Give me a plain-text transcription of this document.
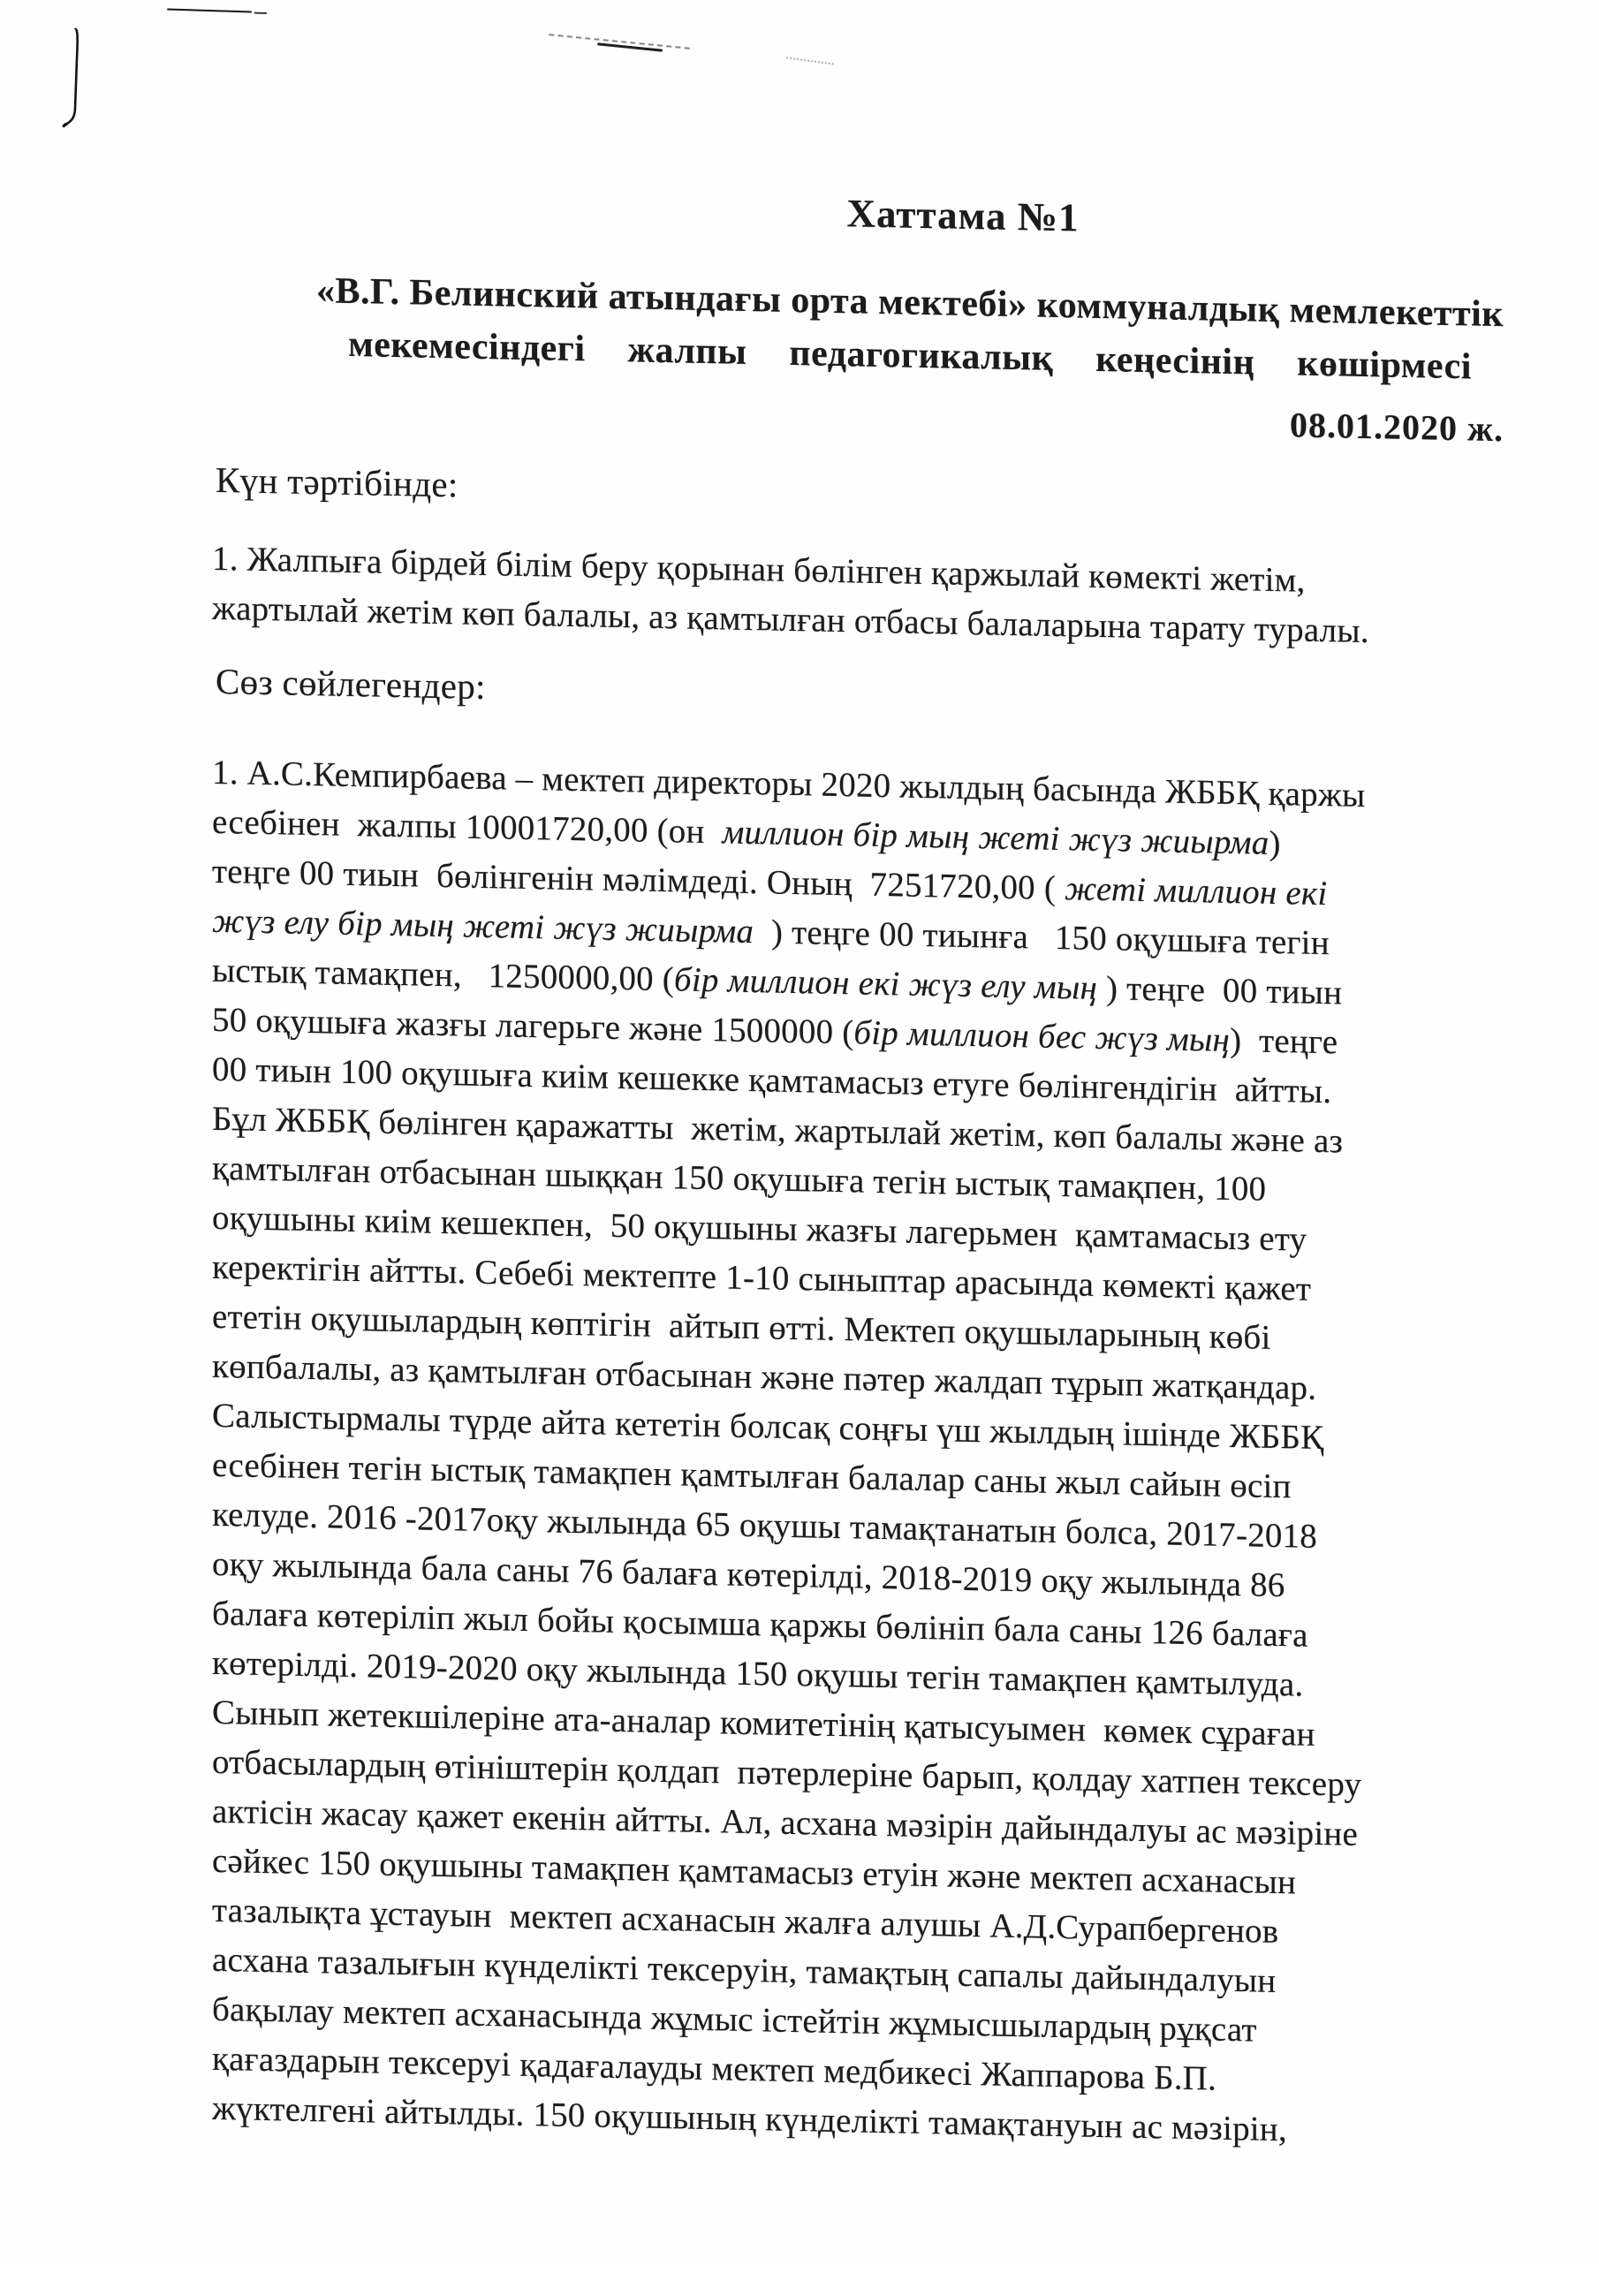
Хаттама №1
«В.Г. Белинский атындағы орта мектебі» коммуналдық мемлекеттік
мекемесіндегі  жалпы  педагогикалық  кеңесінің  көшірмесі
08.01.2020 ж.
Күн тәртібінде:
1. Жалпыға бірдей білім беру қорынан бөлінген қаржылай көмекті жетім,
жартылай жетім көп балалы, аз қамтылған отбасы балаларына тарату туралы.
Сөз сөйлегендер:
1. А.С.Кемпирбаева – мектеп директоры 2020 жылдың басында ЖББҚ қаржы
есебінен  жалпы 10001720,00 (он  миллион бір мың жеті жүз жиырма)
теңге 00 тиын  бөлінгенін мәлімдеді. Оның  7251720,00 ( жеті миллион екі
жүз елу бір мың жеті жүз жиырма  ) теңге 00 тиынға   150 оқушыға тегін
ыстық тамақпен,   1250000,00 (бір миллион екі жүз елу мың ) теңге  00 тиын
50 оқушыға жазғы лагерьге және 1500000 (бір миллион бес жүз мың)  теңге
00 тиын 100 оқушыға киім кешекке қамтамасыз етуге бөлінгендігін  айтты.
Бұл ЖББҚ бөлінген қаражатты  жетім, жартылай жетім, көп балалы және аз
қамтылған отбасынан шыққан 150 оқушыға тегін ыстық тамақпен, 100
оқушыны киім кешекпен,  50 оқушыны жазғы лагерьмен  қамтамасыз ету
керектігін айтты. Себебі мектепте 1-10 сыныптар арасында көмекті қажет
ететін оқушылардың көптігін  айтып өтті. Мектеп оқушыларының көбі
көпбалалы, аз қамтылған отбасынан және пәтер жалдап тұрып жатқандар.
Салыстырмалы түрде айта кететін болсақ соңғы үш жылдың ішінде ЖББҚ
есебінен тегін ыстық тамақпен қамтылған балалар саны жыл сайын өсіп
келуде. 2016 -2017оқу жылында 65 оқушы тамақтанатын болса, 2017-2018
оқу жылында бала саны 76 балаға көтерілді, 2018-2019 оқу жылында 86
балаға көтеріліп жыл бойы қосымша қаржы бөлініп бала саны 126 балаға
көтерілді. 2019-2020 оқу жылында 150 оқушы тегін тамақпен қамтылуда.
Сынып жетекшілеріне ата-аналар комитетінің қатысуымен  көмек сұраған
отбасылардың өтініштерін қолдап  пәтерлеріне барып, қолдау хатпен тексеру
актісін жасау қажет екенін айтты. Ал, асхана мәзірін дайындалуы ас мәзіріне
сәйкес 150 оқушыны тамақпен қамтамасыз етуін және мектеп асханасын
тазалықта ұстауын  мектеп асханасын жалға алушы А.Д.Сурапбергенов
асхана тазалығын күнделікті тексеруін, тамақтың сапалы дайындалуын
бақылау мектеп асханасында жұмыс істейтін жұмысшылардың рұқсат
қағаздарын тексеруі қадағалауды мектеп медбикесі Жаппарова Б.П.
жүктелгені айтылды. 150 оқушының күнделікті тамақтануын ас мәзірін,
